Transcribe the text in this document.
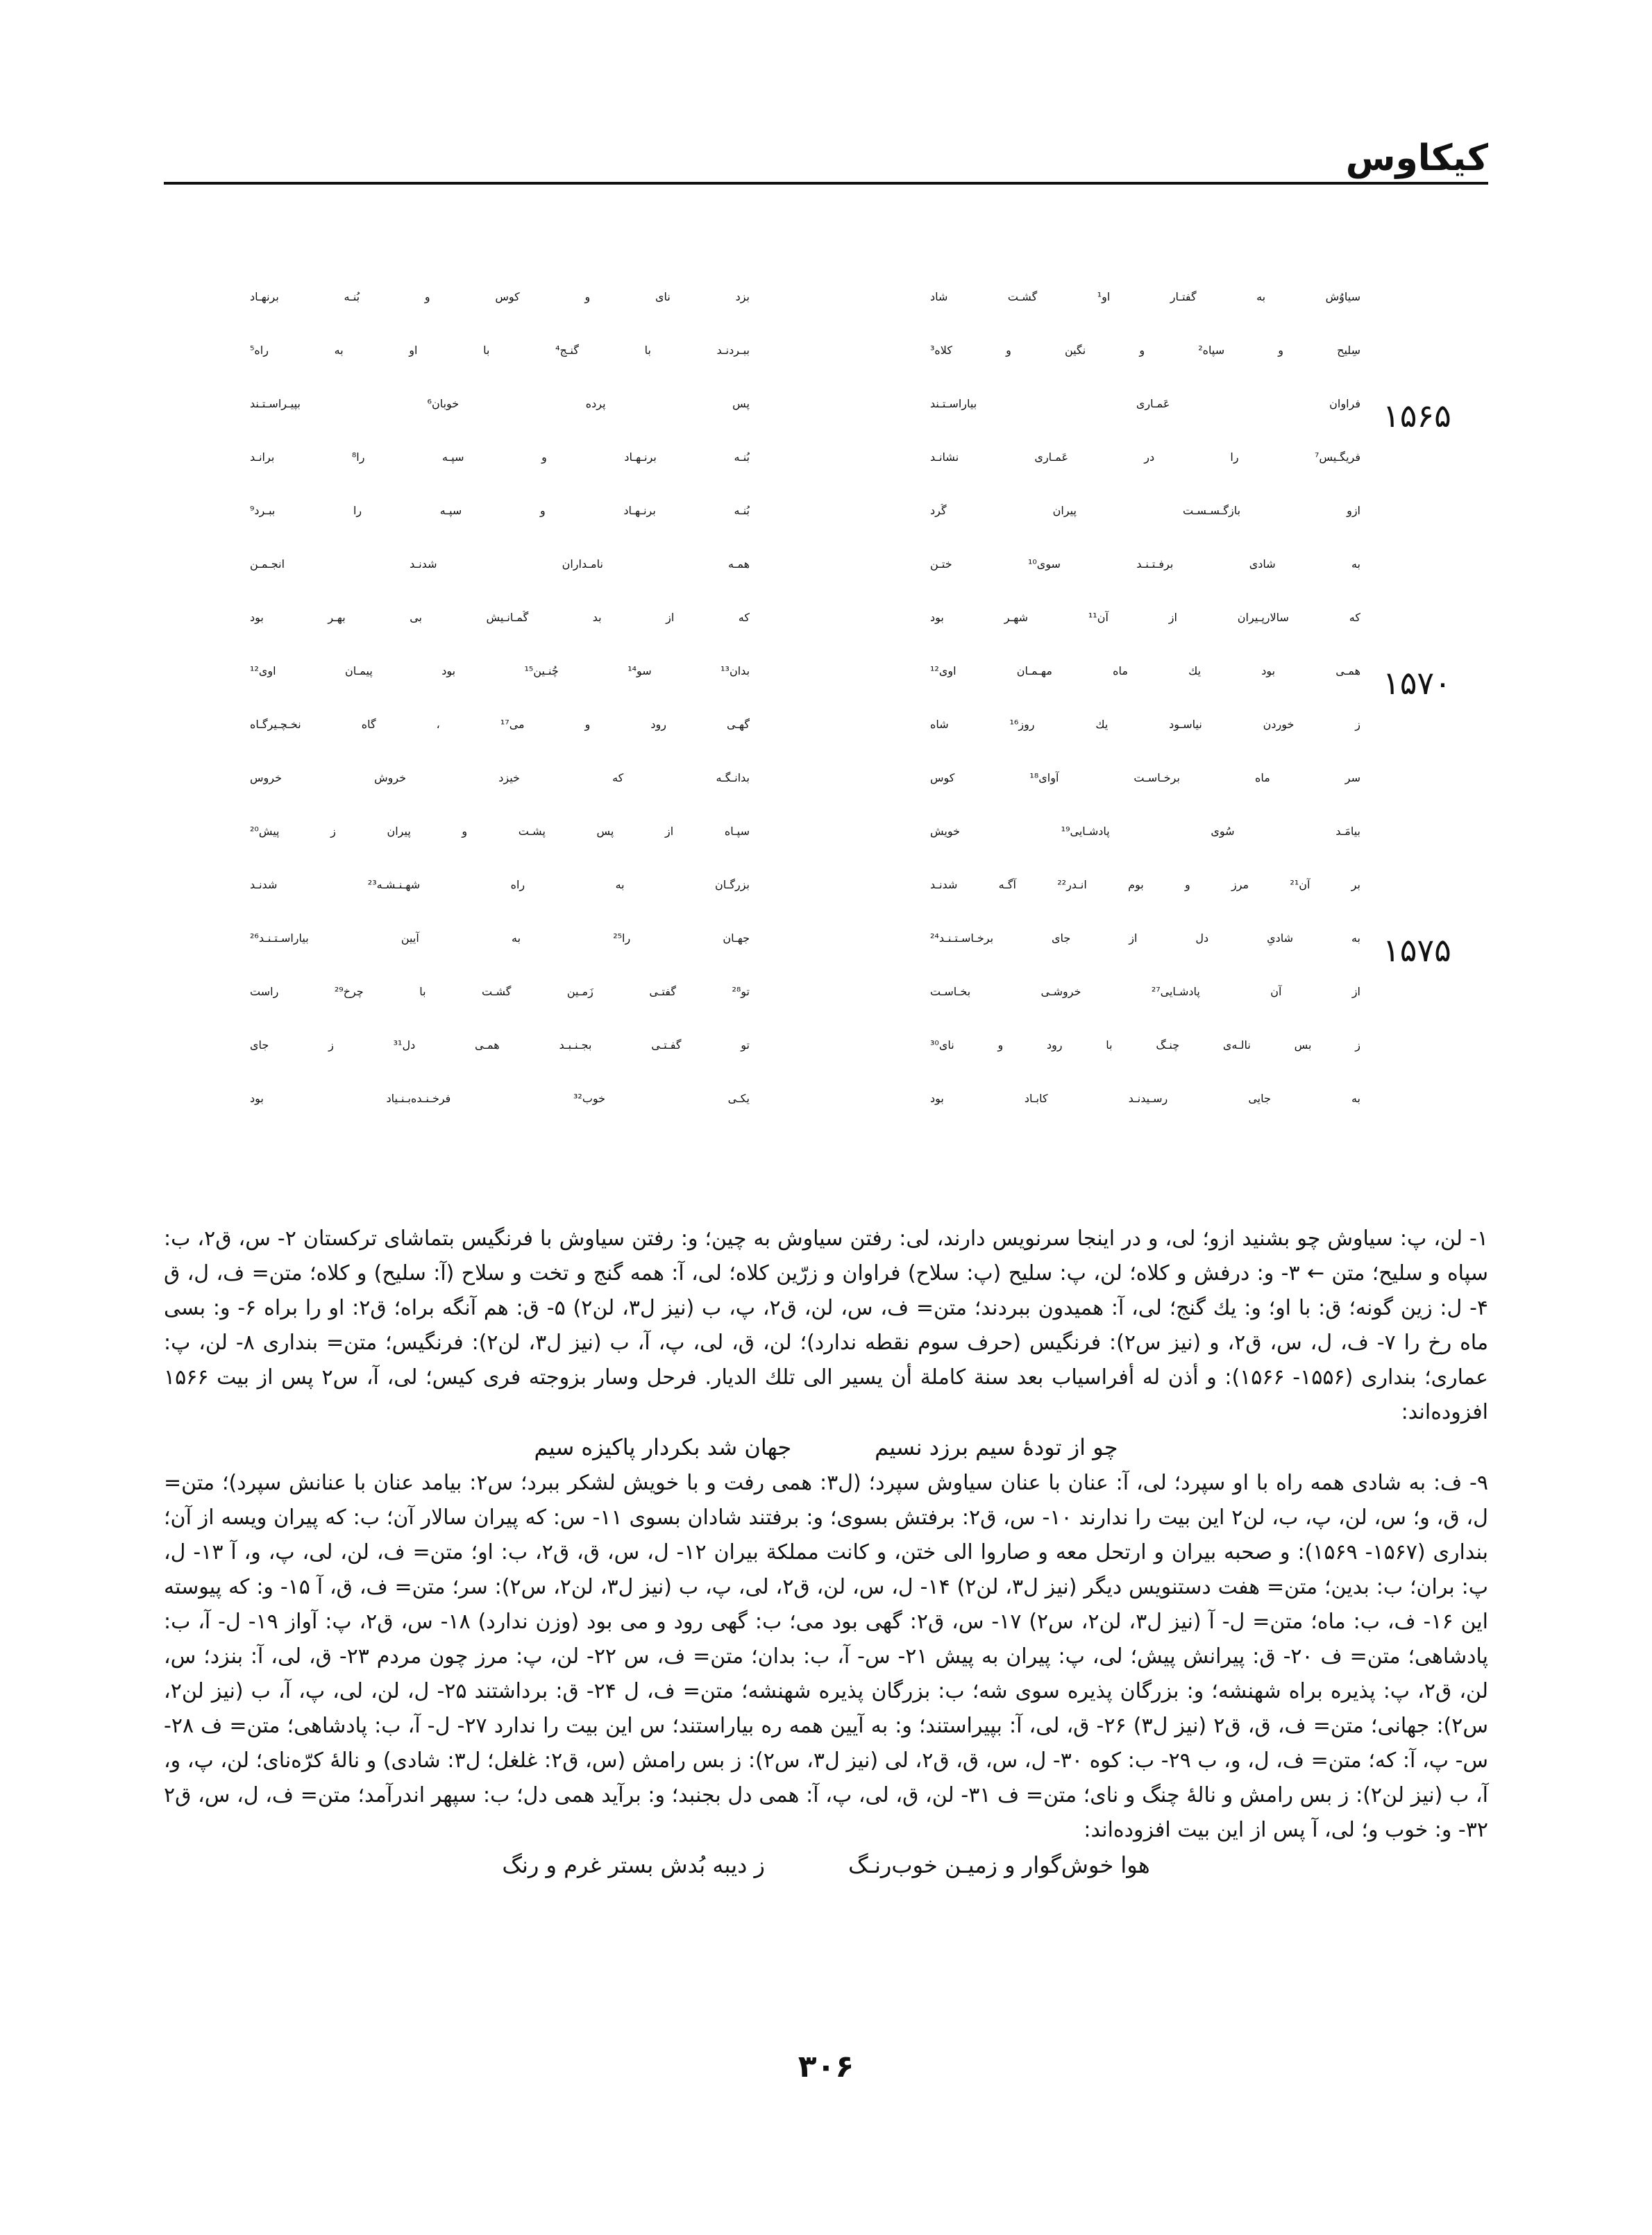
کیکاوس
سیاوُش به گفتـار او¹ گشـت شاد
بزد نای و کوس و بُنـه برنهـاد
سِلیح و سپاه² و نگین و کلاه³
ببـردنـد با گنـج⁴ با او به راه⁵
فراوان عَمـاری بیاراسـتـند
پس پرده خوبان⁶ بپیـراسـتـند
فریگـیس⁷ را در عَمـاری نشانـد
بُنـه برنـهـاد و سپـه را⁸ برانـد
ازو بازگـسـسـت پیران گُرد
بُنـه برنـهـاد و سپـه را ببـرد⁹
به شادی برفـتـنـد سوی¹⁰ ختـن
همـه نامـداران شدنـد انجـمـن
که سالارپـیران از آن¹¹ شهـر بود
که از بد گُمـانـیش بی بهـر بود
همـی بود یك ماه مهـمـان اوی¹²
بدان¹³ سو¹⁴ چُنـین¹⁵ بود پیمـان اوی¹²
ز خوردن نیاسـود یك روز¹⁶ شاه
گهـی رود و می¹⁷ ، گاه نخـچـیرگـاه
سر ماه برخـاسـت آوای¹⁸ کوس
بدانـگـه که خیزد خروش خروس
بیامَـد سُوی پادشـایی¹⁹ خویش
سپـاه از پس پشـت و پیران ز پیش²⁰
بر آن²¹ مرز و بوم انـدر²² آگـه شدنـد
بزرگـان به راه شهـنـشـه²³ شدنـد
به شادیِ دل از جای برخـاسـتـنـد²⁴
جهـان را²⁵ به آیین بیاراسـتـنـد²⁶
از آن پادشـایی²⁷ خروشـی بخـاسـت
تو²⁸ گفتـی زَمـین گشـت با چرخ²⁹ راست
ز بس نالـه‌ی چنـگ با رود و نای³⁰
تو گفـتـی بجـنـبـد همـی دل³¹ ز جای
به جایی رسـیدنـد کابـاد بود
یکـی خوب³² فرخـنـده‌بـنـیاد بود
۱۵۶۵
۱۵۷۰
۱۵۷۵

۱- لن، پ: سیاوش چو بشنید ازو؛ لی، و در اینجا سرنویس دارند، لی: رفتن سیاوش به چین؛ و: رفتن سیاوش با فرنگیس بتماشای ترکستان ۲- س، ق۲، ب: سپاه و سلیح؛ متن ← ۳- و: درفش و کلاه؛ لن، پ: سلیح (پ: سلاح) فراوان و زرّین کلاه؛ لی، آ: همه گنج و تخت و سلاح (آ: سلیح) و کلاه؛ متن= ف، ل، ق ۴- ل: زین گونه؛ ق: با او؛ و: یك گنج؛ لی، آ: همیدون ببردند؛ متن= ف، س، لن، ق۲، پ، ب (نیز ل۳، لن۲) ۵- ق: هم آنگه براه؛ ق۲: او را براه ۶- و: بسی ماه رخ را ۷- ف، ل، س، ق۲، و (نیز س۲): فرنگیس (حرف سوم نقطه ندارد)؛ لن، ق، لی، پ، آ، ب (نیز ل۳، لن۲): فرنگیس؛ متن= بنداری ۸- لن، پ: عماری؛ بنداری (۱۵۵۶- ۱۵۶۶): و أذن له أفراسیاب بعد سنة كاملة أن یسیر الی تلك الدیار. فرحل وسار بزوجته فری كیس؛ لی، آ، س۲ پس از بیت ۱۵۶۶ افزوده‌اند:

چو از تودهٔ سیم برزد نسیم
جهان شد بکردار پاکیزه سیم

۹- ف: به شادی همه راه با او سپرد؛ لی، آ: عنان با عنان سیاوش سپرد؛ (ل۳: همی رفت و با خویش لشکر ببرد؛ س۲: بیامد عنان با عنانش سپرد)؛ متن= ل، ق، و؛ س، لن، پ، ب، لن۲ این بیت را ندارند ۱۰- س، ق۲: برفتش بسوی؛ و: برفتند شادان بسوی ۱۱- س: که پیران سالار آن؛ ب: که پیران ویسه از آن؛ بنداری (۱۵۶۷- ۱۵۶۹): و صحبه بیران و ارتحل معه و صاروا الی ختن، و كانت مملكة بیران ۱۲- ل، س، ق، ق۲، ب: او؛ متن= ف، لن، لی، پ، و، آ ۱۳- ل، پ: بران؛ ب: بدین؛ متن= هفت دستنویس دیگر (نیز ل۳، لن۲) ۱۴- ل، س، لن، ق۲، لی، پ، ب (نیز ل۳، لن۲، س۲): سر؛ متن= ف، ق، آ ۱۵- و: که پیوسته این ۱۶- ف، ب: ماه؛ متن= ل- آ (نیز ل۳، لن۲، س۲) ۱۷- س، ق۲: گهی بود می؛ ب: گهی رود و می بود (وزن ندارد) ۱۸- س، ق۲، پ: آواز ۱۹- ل- آ، ب: پادشاهی؛ متن= ف ۲۰- ق: پیرانش پیش؛ لی، پ: پیران به پیش ۲۱- س- آ، ب: بدان؛ متن= ف، س ۲۲- لن، پ: مرز چون مردم ۲۳- ق، لی، آ: بنزد؛ س، لن، ق۲، پ: پذیره براه شهنشه؛ و: بزرگان پذیره سوی شه؛ ب: بزرگان پذیره شهنشه؛ متن= ف، ل ۲۴- ق: برداشتند ۲۵- ل، لن، لی، پ، آ، ب (نیز لن۲، س۲): جهانی؛ متن= ف، ق، ق۲ (نیز ل۳) ۲۶- ق، لی، آ: بپیراستند؛ و: به آیین همه ره بیاراستند؛ س این بیت را ندارد ۲۷- ل- آ، ب: پادشاهی؛ متن= ف ۲۸- س- پ، آ: که؛ متن= ف، ل، و، ب ۲۹- ب: کوه ۳۰- ل، س، ق، ق۲، لی (نیز ل۳، س۲): ز بس رامش (س، ق۲: غلغل؛ ل۳: شادی) و نالهٔ کرّه‌نای؛ لن، پ، و، آ، ب (نیز لن۲): ز بس رامش و نالهٔ چنگ و نای؛ متن= ف ۳۱- لن، ق، لی، پ، آ: همی دل بجنبد؛ و: برآید همی دل؛ ب: سپهر اندرآمد؛ متن= ف، ل، س، ق۲ ۳۲- و: خوب و؛ لی، آ پس از این بیت افزوده‌اند:

هوا خوش‌گوار و زمیـن خوب‌رنـگ
ز دیبه بُدش بستر غرم و رنگ
۳۰۶
